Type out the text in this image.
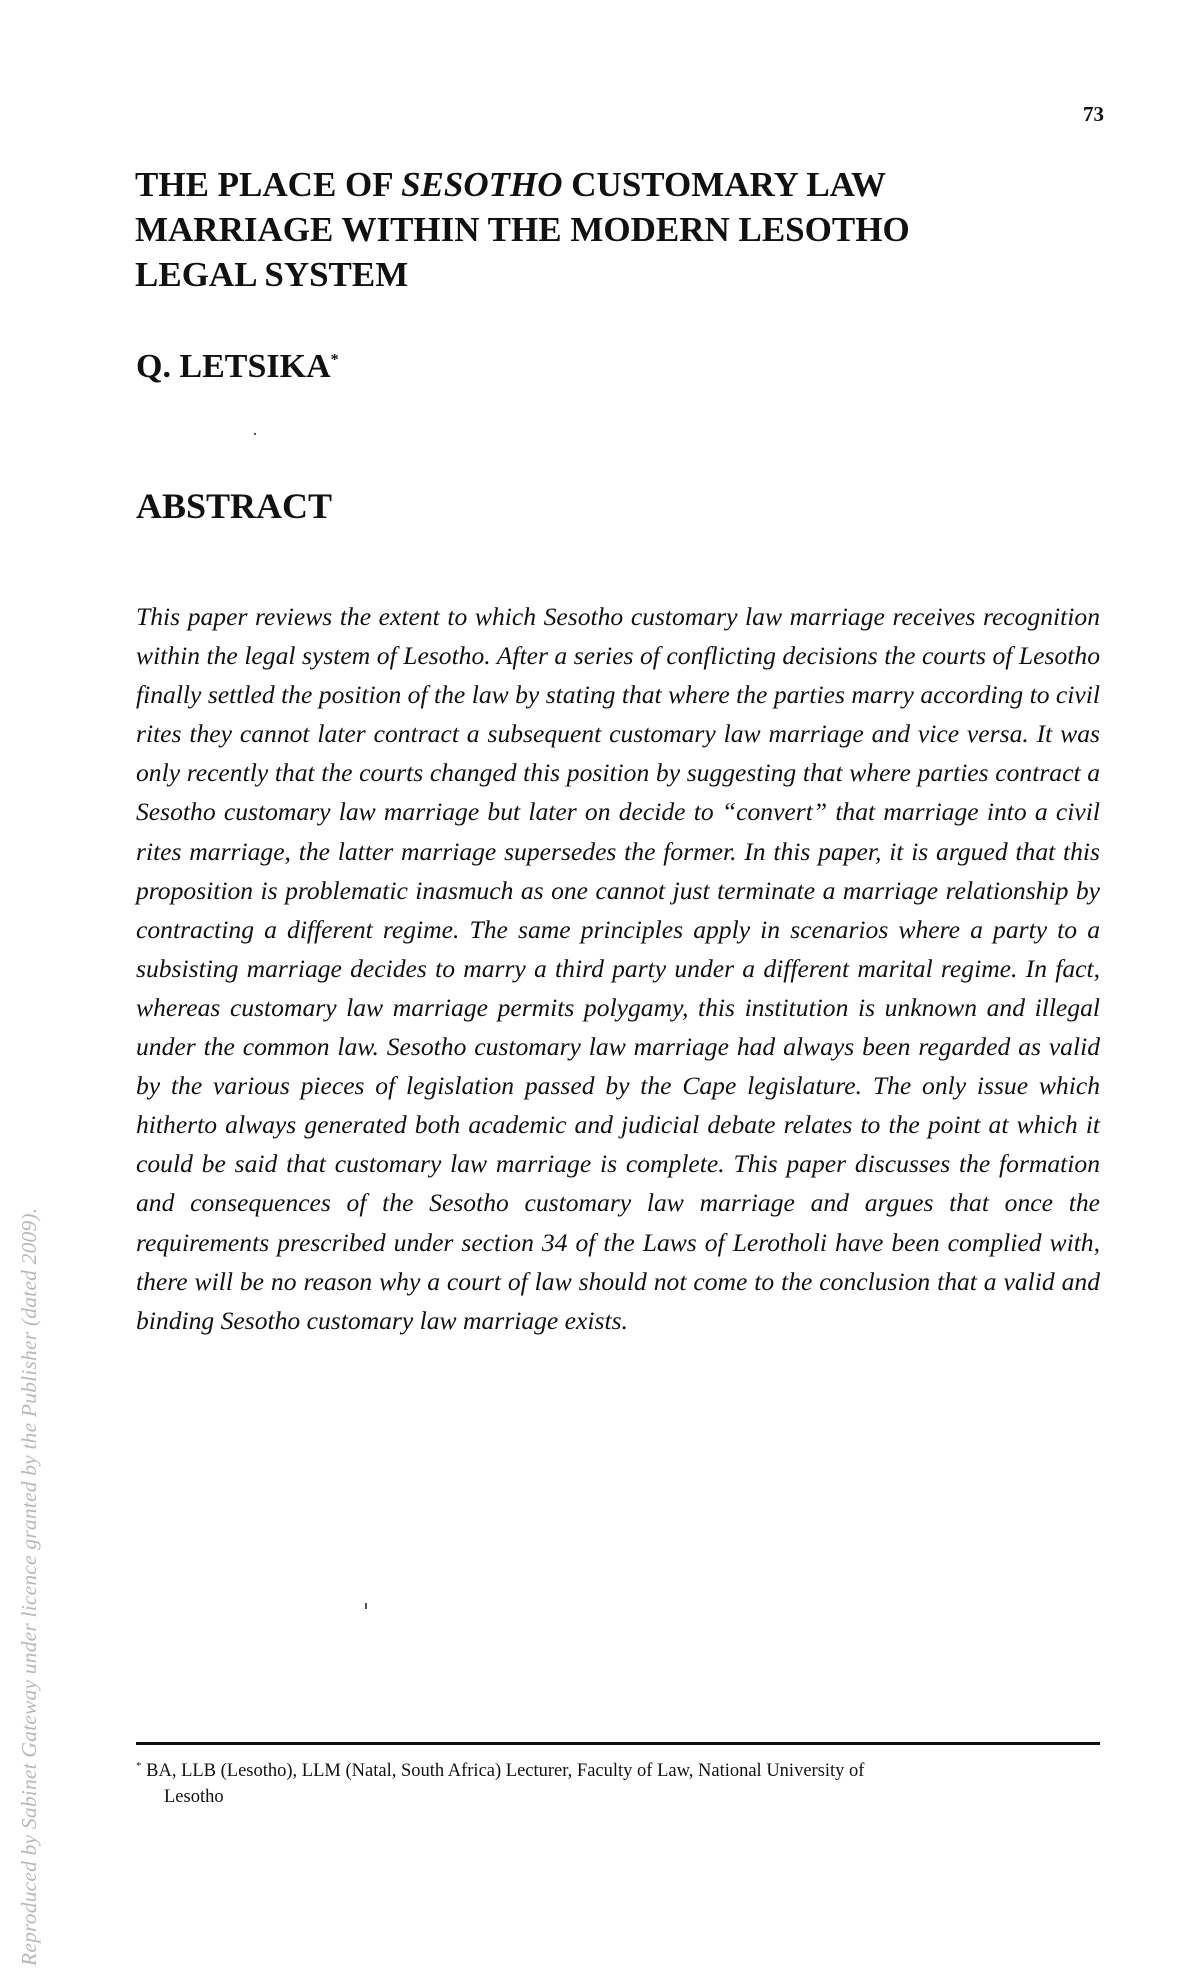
73
THE PLACE OF SESOTHO CUSTOMARY LAW MARRIAGE WITHIN THE MODERN LESOTHO LEGAL SYSTEM
Q. LETSIKA*
ABSTRACT

This paper reviews the extent to which Sesotho customary law marriage receives recognition within the legal system of Lesotho. After a series of conflicting decisions the courts of Lesotho finally settled the position of the law by stating that where the parties marry according to civil rites they cannot later contract a subsequent customary law marriage and vice versa. It was only recently that the courts changed this position by suggesting that where parties contract a Sesotho customary law marriage but later on decide to “convert” that marriage into a civil rites marriage, the latter marriage supersedes the former. In this paper, it is argued that this proposition is problematic inasmuch as one cannot just terminate a marriage relationship by contracting a different regime. The same principles apply in scenarios where a party to a subsisting marriage decides to marry a third party under a different marital regime. In fact, whereas customary law marriage permits polygamy, this institution is unknown and illegal under the common law. Sesotho customary law marriage had always been regarded as valid by the various pieces of legislation passed by the Cape legislature. The only issue which hitherto always generated both academic and judicial debate relates to the point at which it could be said that customary law marriage is complete. This paper discusses the formation and consequences of the Sesotho customary law marriage and argues that once the requirements prescribed under section 34 of the Laws of Lerotholi have been complied with, there will be no reason why a court of law should not come to the conclusion that a valid and binding Sesotho customary law marriage exists.

* BA, LLB (Lesotho), LLM (Natal, South Africa) Lecturer, Faculty of Law, National University of
Lesotho
Reproduced by Sabinet Gateway under licence granted by the Publisher (dated 2009).
